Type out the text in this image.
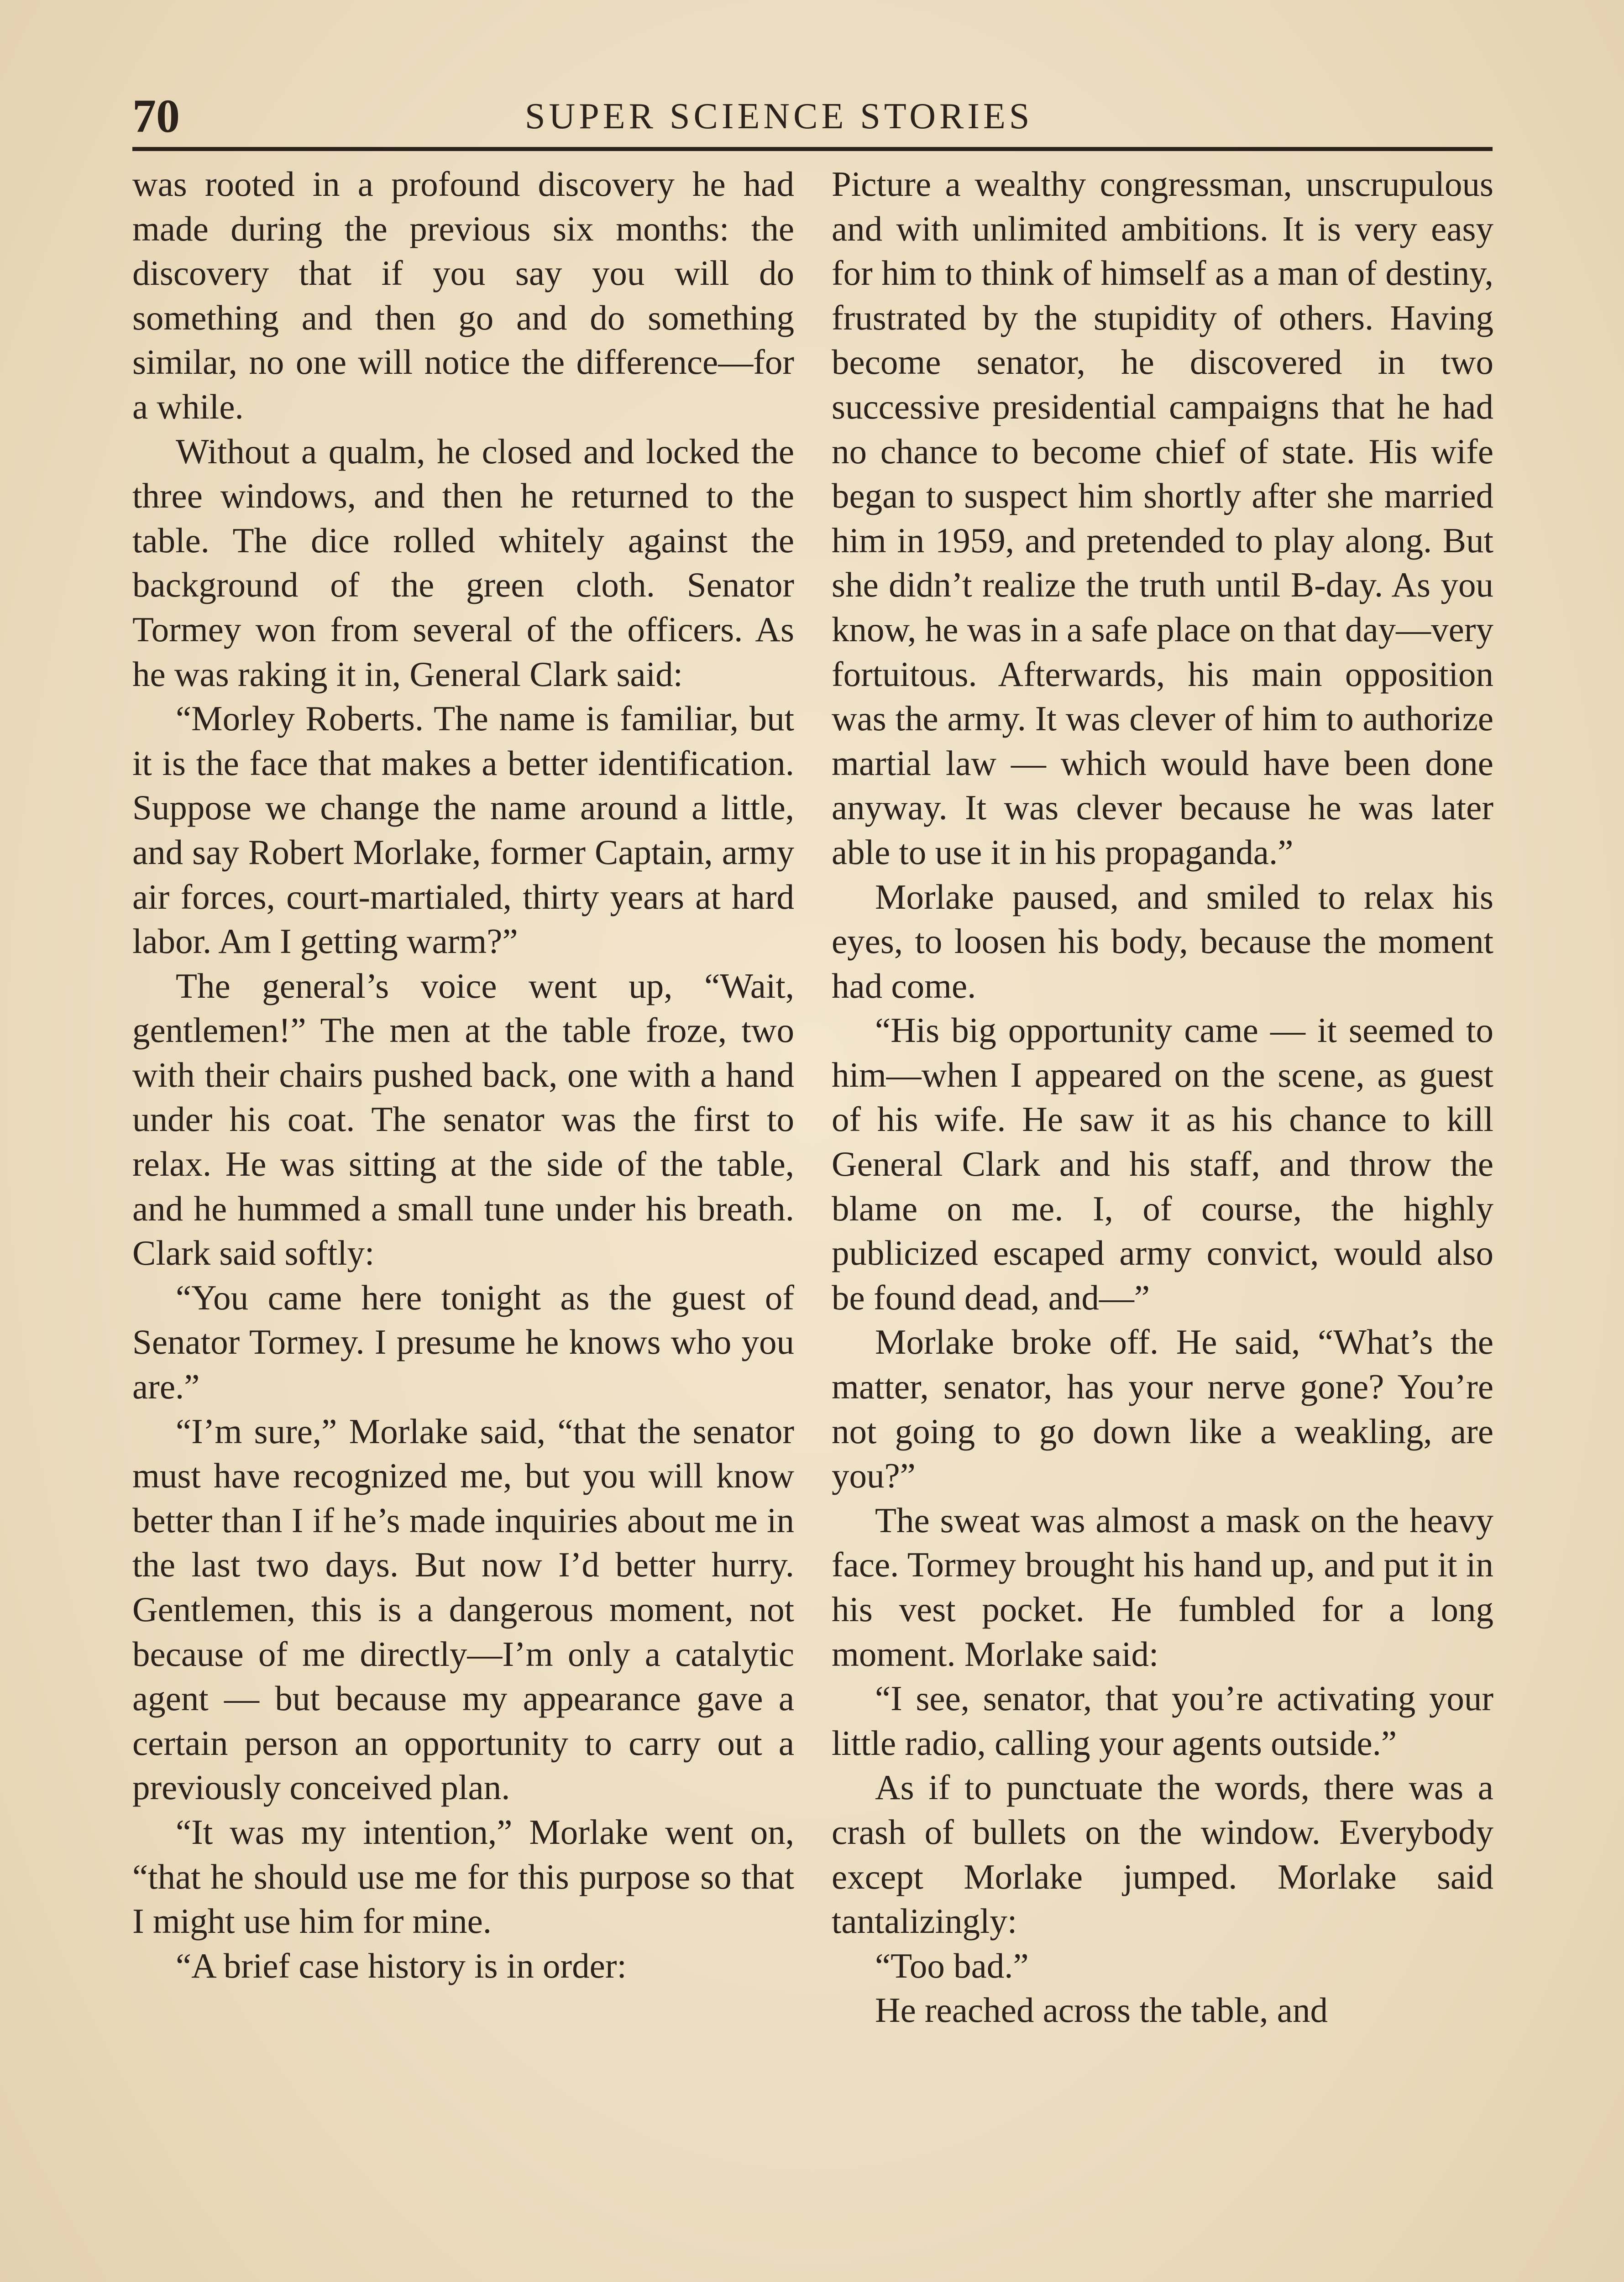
70	SUPER SCIENCE STORIES

was rooted in a profound discovery he had made during the previous six months: the discovery that if you say you will do something and then go and do something similar, no one will notice the difference—for a while.

Without a qualm, he closed and locked the three windows, and then he returned to the table. The dice rolled whitely against the background of the green cloth. Senator Tormey won from several of the officers. As he was raking it in, General Clark said:

“Morley Roberts. The name is familiar, but it is the face that makes a better identification. Suppose we change the name around a little, and say Robert Morlake, former Captain, army air forces, court-martialed, thirty years at hard labor. Am I getting warm?”

The general’s voice went up, “Wait, gentlemen!” The men at the table froze, two with their chairs pushed back, one with a hand under his coat. The senator was the first to relax. He was sitting at the side of the table, and he hummed a small tune under his breath. Clark said softly:

“You came here tonight as the guest of Senator Tormey. I presume he knows who you are.”

“I’m sure,” Morlake said, “that the senator must have recognized me, but you will know better than I if he’s made inquiries about me in the last two days. But now I’d better hurry. Gentlemen, this is a dangerous moment, not because of me directly—I’m only a catalytic agent — but because my appearance gave a certain person an opportunity to carry out a previously conceived plan.

“It was my intention,” Morlake went on, “that he should use me for this purpose so that I might use him for mine.

“A brief case history is in order:

Picture a wealthy congressman, unscrupulous and with unlimited ambitions. It is very easy for him to think of himself as a man of destiny, frustrated by the stupidity of others. Having become senator, he discovered in two successive presidential campaigns that he had no chance to become chief of state. His wife began to suspect him shortly after she married him in 1959, and pretended to play along. But she didn’t realize the truth until B-day. As you know, he was in a safe place on that day—very fortuitous. Afterwards, his main opposition was the army. It was clever of him to authorize martial law — which would have been done anyway. It was clever because he was later able to use it in his propaganda.”

Morlake paused, and smiled to relax his eyes, to loosen his body, because the moment had come.

“His big opportunity came — it seemed to him—when I appeared on the scene, as guest of his wife. He saw it as his chance to kill General Clark and his staff, and throw the blame on me. I, of course, the highly publicized escaped army convict, would also be found dead, and—”

Morlake broke off. He said, “What’s the matter, senator, has your nerve gone? You’re not going to go down like a weakling, are you?”

The sweat was almost a mask on the heavy face. Tormey brought his hand up, and put it in his vest pocket. He fumbled for a long moment. Morlake said:

“I see, senator, that you’re activating your little radio, calling your agents outside.”

As if to punctuate the words, there was a crash of bullets on the window. Everybody except Morlake jumped. Morlake said tantalizingly:

“Too bad.”

He reached across the table, and
